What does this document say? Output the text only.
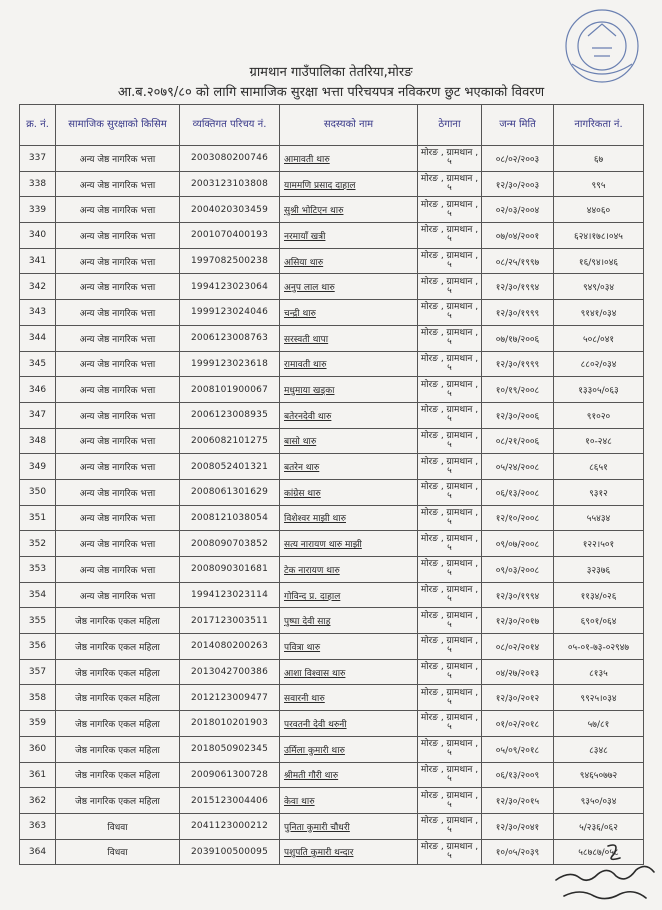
ग्रामथान गाउँपालिका तेतरिया,मोरङ
आ.ब.२०७९/८० को लागि सामाजिक सुरक्षा भत्ता परिचयपत्र नविकरण छुट भएकाको विवरण
क्र. नं.	सामाजिक सुरक्षाको किसिम	व्यक्तिगत परिचय नं.	सदस्यको नाम	ठेगाना	जन्म मिति	नागरिकता नं.
337	अन्य जेष्ठ नागरिक भत्ता	2003080200746	आमावती थारु	मोरङ , ग्रामथान , ५	०८/०२/२००३	६७
338	अन्य जेष्ठ नागरिक भत्ता	2003123103808	याममणि प्रसाद दाहाल	मोरङ , ग्रामथान , ५	१२/३०/२००३	९९५
339	अन्य जेष्ठ नागरिक भत्ता	2004020303459	सुश्री भोटिएन थारु	मोरङ , ग्रामथान , ५	०२/०३/२००४	४४०६०
340	अन्य जेष्ठ नागरिक भत्ता	2001070400193	नरमायाँ खत्री	मोरङ , ग्रामथान , ५	०७/०४/२००१	६२४।१७८।०४५
341	अन्य जेष्ठ नागरिक भत्ता	1997082500238	असिया थारु	मोरङ , ग्रामथान , ५	०८/२५/१९९७	१६/९४।०४६
342	अन्य जेष्ठ नागरिक भत्ता	1994123023064	अनुप लाल थारु	मोरङ , ग्रामथान , ५	१२/३०/१९९४	९४९/०३४
343	अन्य जेष्ठ नागरिक भत्ता	1999123024046	चन्द्री थारु	मोरङ , ग्रामथान , ५	१२/३०/१९९९	९१४१/०३४
344	अन्य जेष्ठ नागरिक भत्ता	2006123008763	सरस्वती थापा	मोरङ , ग्रामथान , ५	०७/१७/२००६	५०८/०४१
345	अन्य जेष्ठ नागरिक भत्ता	1999123023618	रामावती थारु	मोरङ , ग्रामथान , ५	१२/३०/१९९९	८८०२/०३४
346	अन्य जेष्ठ नागरिक भत्ता	2008101900067	मधुमाया खड्का	मोरङ , ग्रामथान , ५	१०/१९/२००८	१३३०५/०६३
347	अन्य जेष्ठ नागरिक भत्ता	2006123008935	बतेरनदेवी थारु	मोरङ , ग्रामथान , ५	१२/३०/२००६	९१०२०
348	अन्य जेष्ठ नागरिक भत्ता	2006082101275	बासो थारु	मोरङ , ग्रामथान , ५	०८/२१/२००६	१०-२४८
349	अन्य जेष्ठ नागरिक भत्ता	2008052401321	बतरेन थारु	मोरङ , ग्रामथान , ५	०५/२४/२००८	८६५१
350	अन्य जेष्ठ नागरिक भत्ता	2008061301629	कांग्रेस थारु	मोरङ , ग्रामथान , ५	०६/१३/२००८	९३१२
351	अन्य जेष्ठ नागरिक भत्ता	2008121038054	विशेश्वर माझी थारु	मोरङ , ग्रामथान , ५	१२/१०/२००८	५५४३४
352	अन्य जेष्ठ नागरिक भत्ता	2008090703852	सत्य नारायण थारु माझी	मोरङ , ग्रामथान , ५	०९/०७/२००८	१२२।५०१
353	अन्य जेष्ठ नागरिक भत्ता	2008090301681	टेक नारायण थारु	मोरङ , ग्रामथान , ५	०९/०३/२००८	३२३७६
354	अन्य जेष्ठ नागरिक भत्ता	1994123023114	गोविन्द प्र. दाहाल	मोरङ , ग्रामथान , ५	१२/३०/१९९४	११३४/०२६
355	जेष्ठ नागरिक एकल महिला	2017123003511	पुष्पा देवी साह	मोरङ , ग्रामथान , ५	१२/३०/२०१७	६९०१/०६४
356	जेष्ठ नागरिक एकल महिला	2014080200263	पवित्रा थारु	मोरङ , ग्रामथान , ५	०८/०२/२०१४	०५-०१-७३-०२९४७
357	जेष्ठ नागरिक एकल महिला	2013042700386	आशा विश्वास थारु	मोरङ , ग्रामथान , ५	०४/२७/२०१३	८१३५
358	जेष्ठ नागरिक एकल महिला	2012123009477	सवारनी थारु	मोरङ , ग्रामथान , ५	१२/३०/२०१२	९९२५।०३४
359	जेष्ठ नागरिक एकल महिला	2018010201903	परवतनी देवी थरुनी	मोरङ , ग्रामथान , ५	०१/०२/२०१८	५७/८१
360	जेष्ठ नागरिक एकल महिला	2018050902345	उर्मिला कुमारी थारु	मोरङ , ग्रामथान , ५	०५/०९/२०१८	८३४८
361	जेष्ठ नागरिक एकल महिला	2009061300728	श्रीमती गौरी थारु	मोरङ , ग्रामथान , ५	०६/१३/२००९	९४६५०७७२
362	जेष्ठ नागरिक एकल महिला	2015123004406	केवा थारु	मोरङ , ग्रामथान , ५	१२/३०/२०१५	९३५०/०३४
363	विधवा	2041123000212	पुनिता कुमारी चौधरी	मोरङ , ग्रामथान , ५	१२/३०/२०४१	५/२३६/०६२
364	विधवा	2039100500095	पशुपति कुमारी थन्दार	मोरङ , ग्रामथान , ५	१०/०५/२०३९	५८७८७/०५८
